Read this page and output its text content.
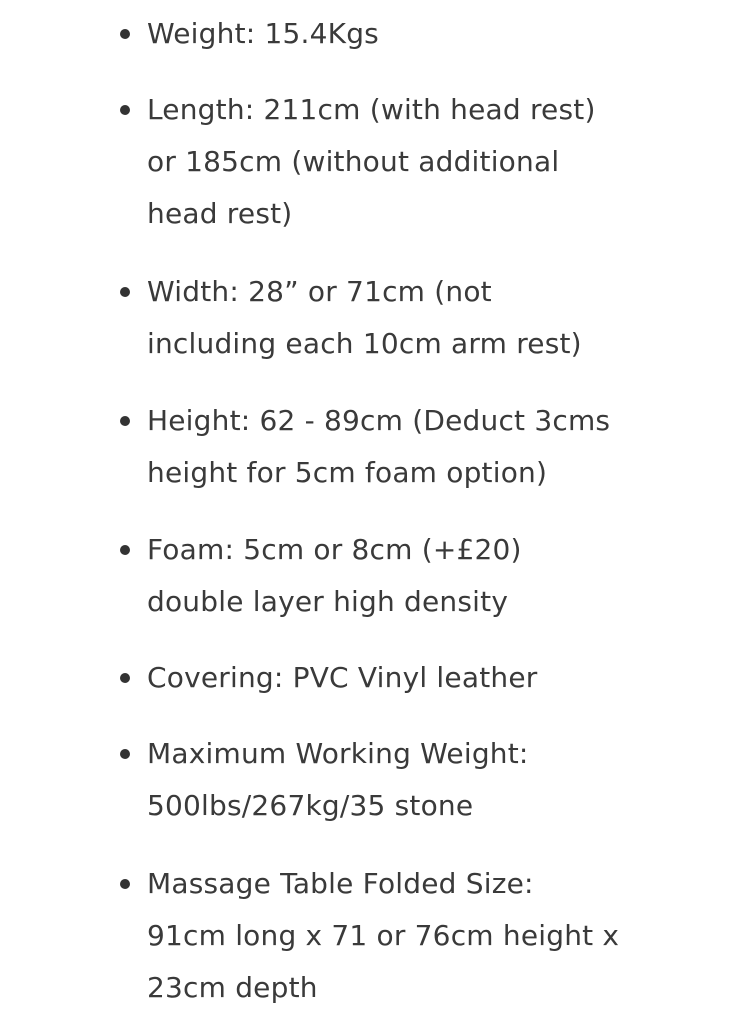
Weight: 15.4Kgs
Length: 211cm (with head rest)
or 185cm (without additional
head rest)
Width: 28” or 71cm (not
including each 10cm arm rest)
Height: 62 - 89cm (Deduct 3cms
height for 5cm foam option)
Foam: 5cm or 8cm (+£20)
double layer high density
Covering: PVC Vinyl leather
Maximum Working Weight:
500lbs/267kg/35 stone
Massage Table Folded Size:
91cm long x 71 or 76cm height x
23cm depth
